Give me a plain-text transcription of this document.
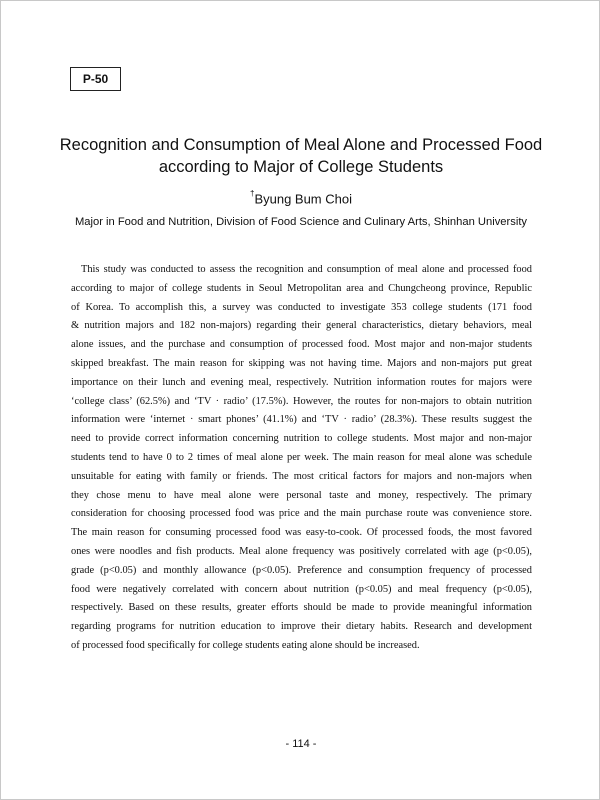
P-50
Recognition and Consumption of Meal Alone and Processed Food
according to Major of College Students
†Byung Bum Choi
Major in Food and Nutrition, Division of Food Science and Culinary Arts, Shinhan University
This study was conducted to assess the recognition and consumption of meal alone and processed food
according to major of college students in Seoul Metropolitan area and Chungcheong province, Republic
of Korea. To accomplish this, a survey was conducted to investigate 353 college students (171 food
& nutrition majors and 182 non-majors) regarding their general characteristics, dietary behaviors, meal
alone issues, and the purchase and consumption of processed food. Most major and non-major students
skipped breakfast. The main reason for skipping was not having time. Majors and non-majors put great
importance on their lunch and evening meal, respectively. Nutrition information routes for majors were
‘college class’ (62.5%) and ‘TV · radio’ (17.5%). However, the routes for non-majors to obtain nutrition
information were ‘internet · smart phones’ (41.1%) and ‘TV · radio’ (28.3%). These results suggest the
need to provide correct information concerning nutrition to college students. Most major and non-major
students tend to have 0 to 2 times of meal alone per week. The main reason for meal alone was schedule
unsuitable for eating with family or friends. The most critical factors for majors and non-majors when
they chose menu to have meal alone were personal taste and money, respectively. The primary
consideration for choosing processed food was price and the main purchase route was convenience store.
The main reason for consuming processed food was easy-to-cook. Of processed foods, the most favored
ones were noodles and fish products. Meal alone frequency was positively correlated with age (p<0.05),
grade (p<0.05) and monthly allowance (p<0.05). Preference and consumption frequency of processed
food were negatively correlated with concern about nutrition (p<0.05) and meal frequency (p<0.05),
respectively. Based on these results, greater efforts should be made to provide meaningful information
regarding programs for nutrition education to improve their dietary habits. Research and development
of processed food specifically for college students eating alone should be increased.
- 114 -
